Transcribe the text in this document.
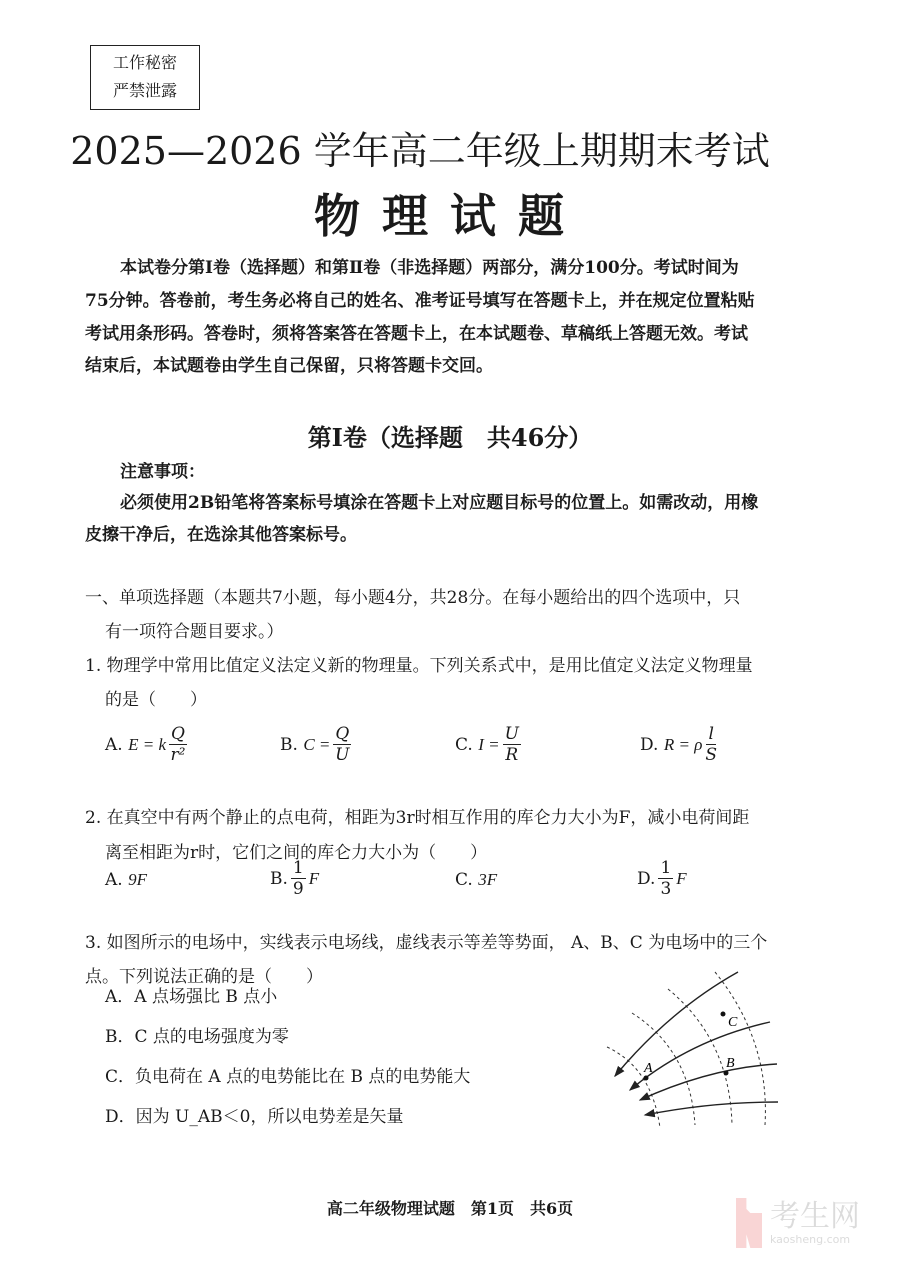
工作秘密
严禁泄露
2025—2026 学年高二年级上期期末考试
物理试题
本试卷分第Ⅰ卷（选择题）和第Ⅱ卷（非选择题）两部分，满分100分。考试时间为
75分钟。答卷前，考生务必将自己的姓名、准考证号填写在答题卡上，并在规定位置粘贴
考试用条形码。答卷时，须将答案答在答题卡上，在本试题卷、草稿纸上答题无效。考试
结束后，本试题卷由学生自己保留，只将答题卡交回。
第Ⅰ卷（选择题　共46分）
注意事项：
必须使用2B铅笔将答案标号填涂在答题卡上对应题目标号的位置上。如需改动，用橡
皮擦干净后，在选涂其他答案标号。
一、单项选择题（本题共7小题，每小题4分，共28分。在每小题给出的四个选项中，只
有一项符合题目要求。）
1. 物理学中常用比值定义法定义新的物理量。下列关系式中，是用比值定义法定义物理量
的是（　　）
A.
E = k $\frac{Q}{\text{r²}}$	B.
$C = \frac{Q}{U}$	C.
$I = \frac{U}{R}$	D.
R = ρ $\frac{l}{S}$
2. 在真空中有两个静止的点电荷，相距为3r时相互作用的库仑力大小为F，减小电荷间距
离至相距为r时，它们之间的库仑力大小为（　　）
A.
9F	B. $\frac{1}{9}$ F	C.
3F	D. $\frac{1}{3}$ F
3. 如图所示的电场中，实线表示电场线，虚线表示等差等势面， A、B、C 为电场中的三个
点。下列说法正确的是（　　）
A．A 点场强比 B 点小
B．C 点的电场强度为零
C．负电荷在 A 点的电势能比在 B 点的电势能大
D．因为 U_AB＜0，所以电势差是矢量
A	B
C
高二年级物理试题　第1页　共6页	考生网
kaosheng.com
